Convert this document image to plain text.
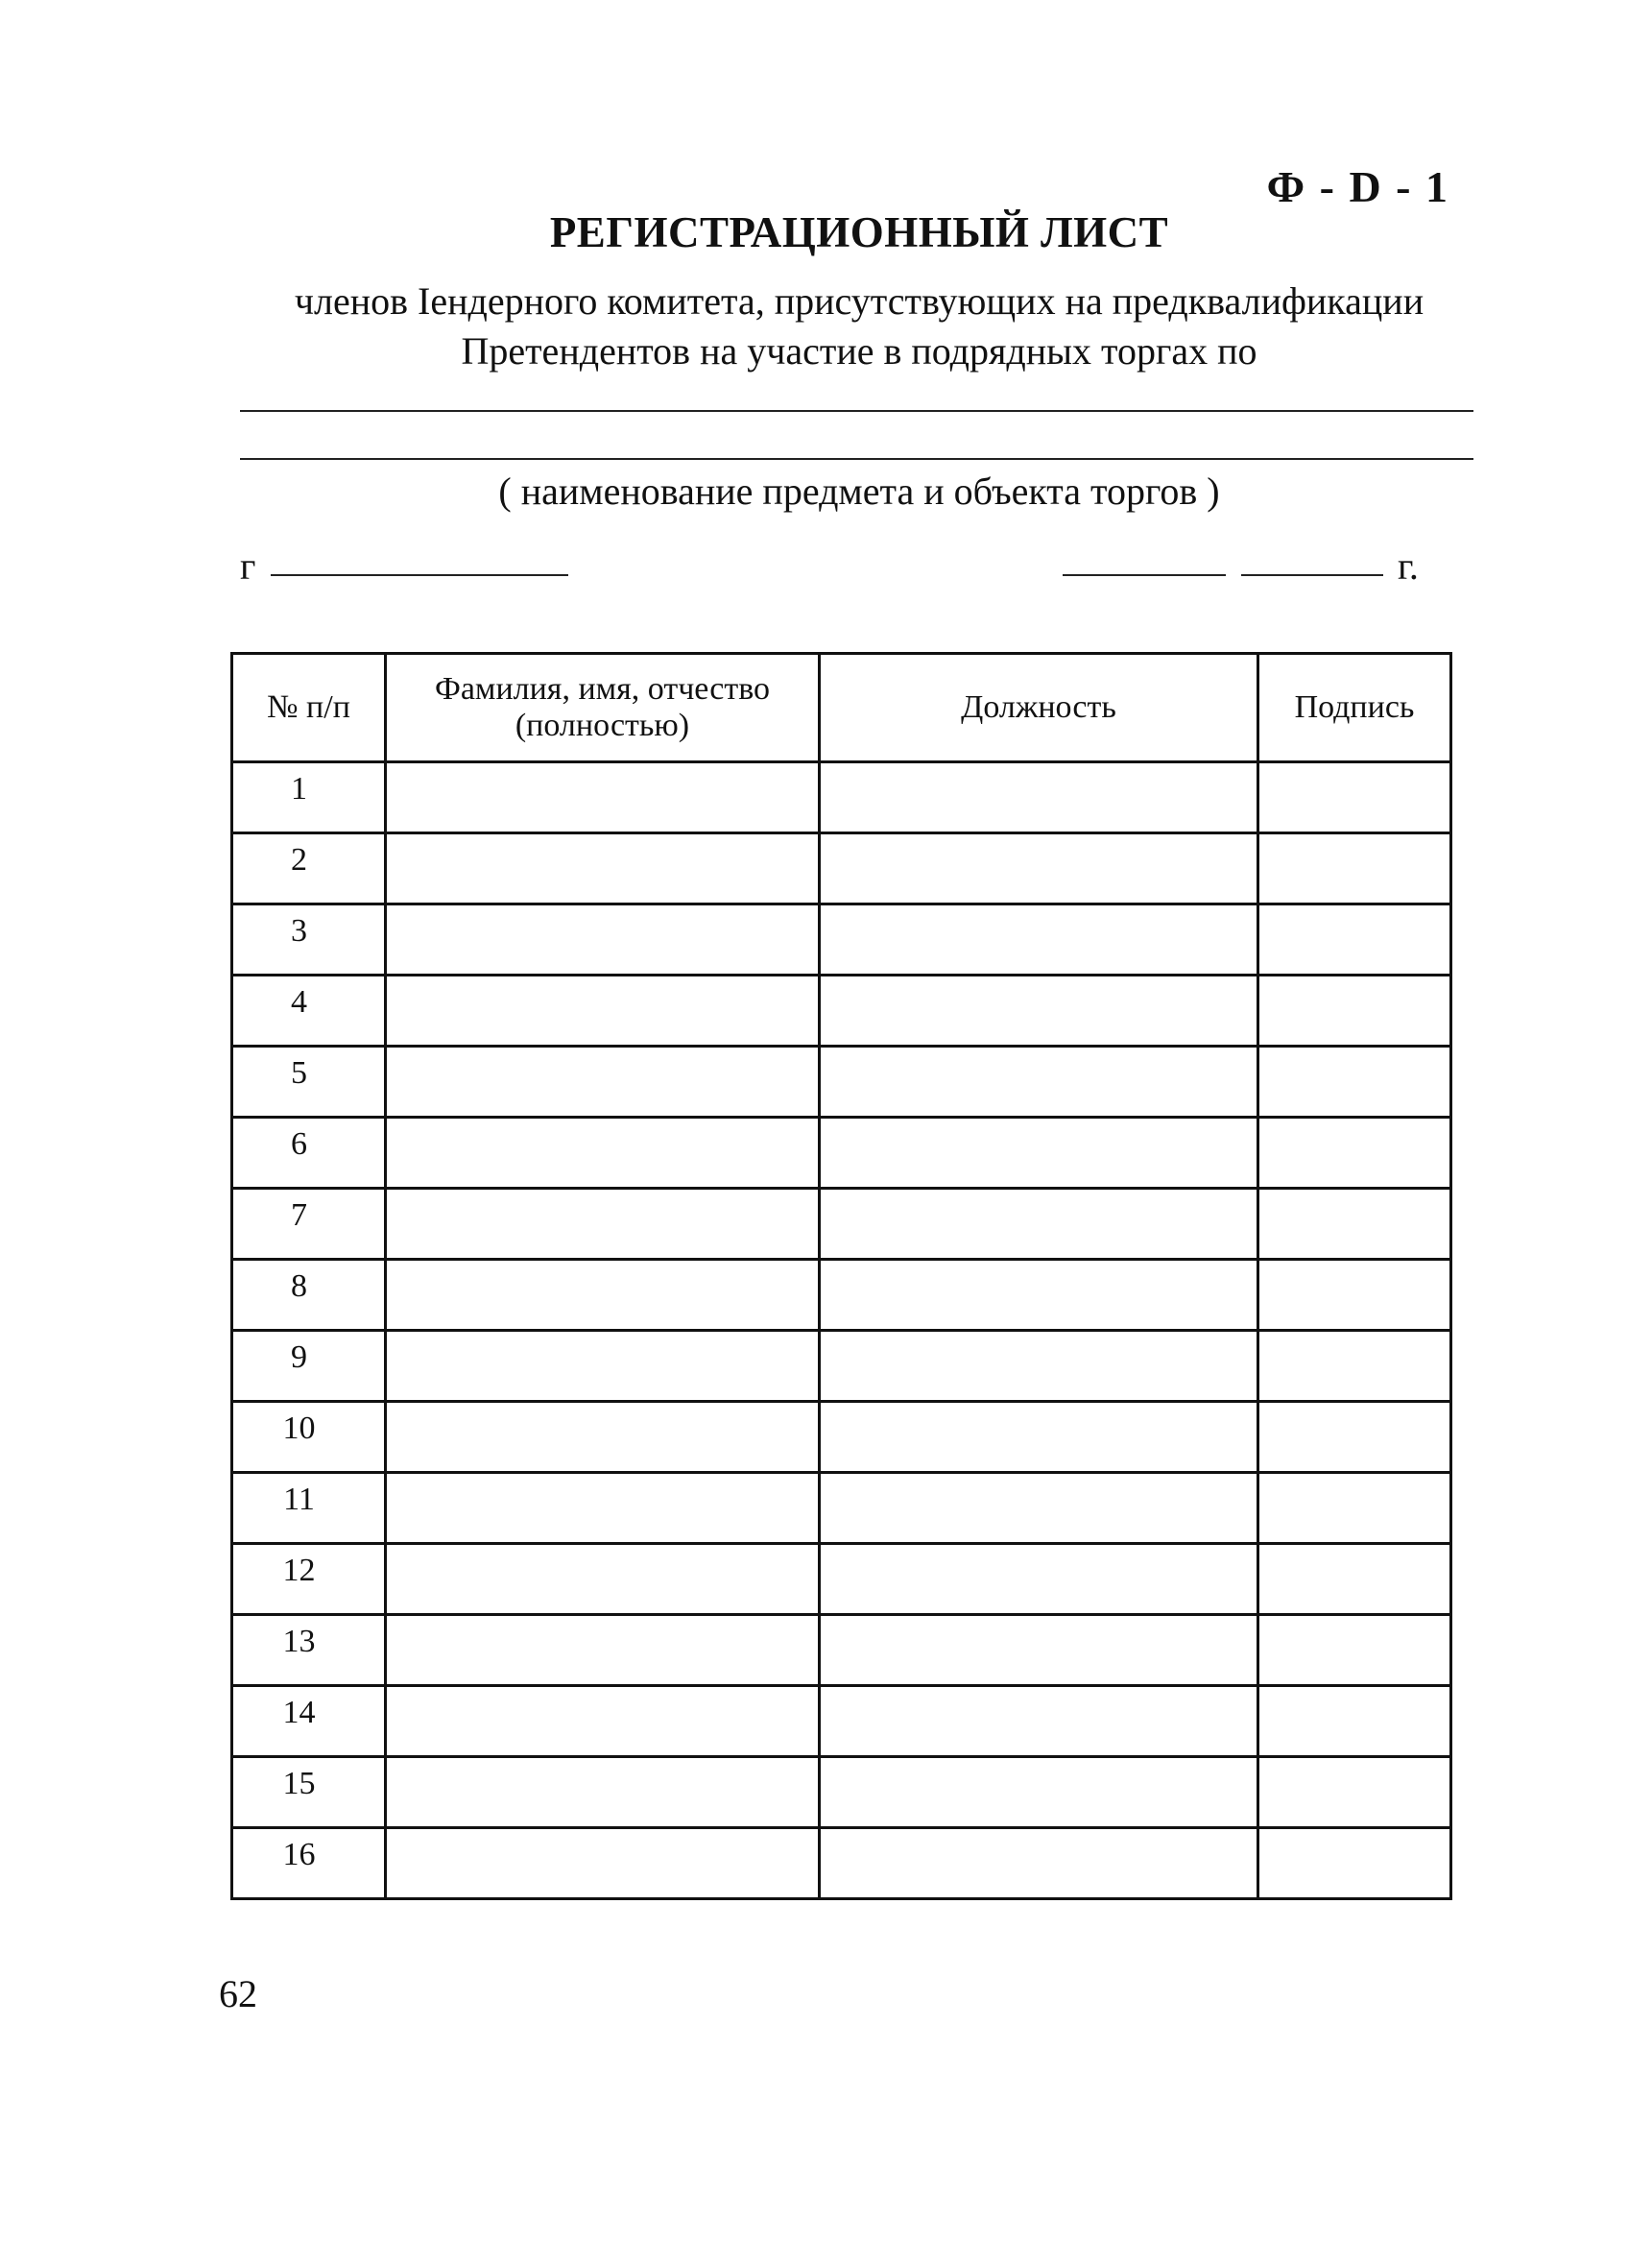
Ф - D - 1
РЕГИСТРАЦИОННЫЙ ЛИСТ
членов Iендерного комитета, присутствующих на предквалификации
Претендентов на участие в подрядных торгах по
( наименование предмета и объекта торгов )
г	г.
№ п/п	Фамилия, имя, отчество (полностью)	Должность	Подпись
1			
2			
3			
4			
5			
6			
7			
8			
9			
10			
11			
12			
13			
14			
15			
16			
62
